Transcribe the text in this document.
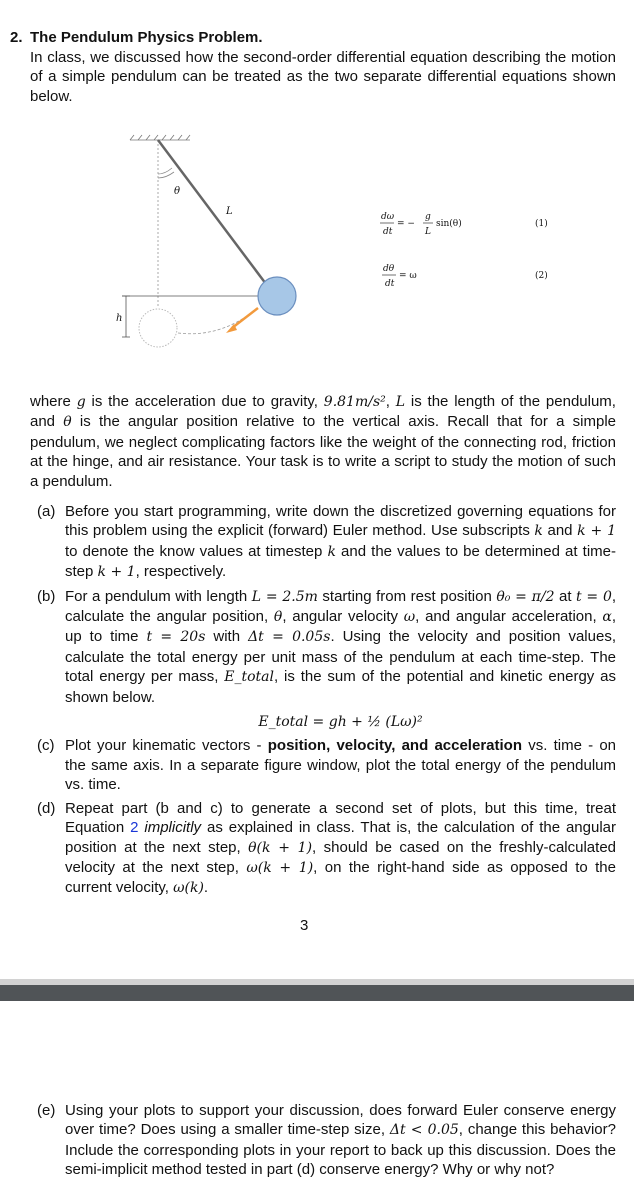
2. The Pendulum Physics Problem.
In class, we discussed how the second-order differential equation describing the motion of a simple pendulum can be treated as the two separate differential equations shown below.
θ
L
h
dω
dt
= −
g
L
sin(θ)	(1)
dθ
dt
= ω	(2)
where g is the acceleration due to gravity, 9.81m/s², L is the length of the pendulum, and θ is the angular position relative to the vertical axis. Recall that for a simple pendulum, we neglect complicating factors like the weight of the connecting rod, friction at the hinge, and air resistance. Your task is to write a script to study the motion of such a pendulum.
(a) Before you start programming, write down the discretized governing equations for this problem using the explicit (forward) Euler method. Use subscripts k and k + 1 to denote the know values at timestep k and the values to be determined at time-step k + 1, respectively.
(b) For a pendulum with length L = 2.5m starting from rest position θ₀ = π/2 at t = 0, calculate the angular position, θ, angular velocity ω, and angular acceleration, α, up to time t = 20s with Δt = 0.05s. Using the velocity and position values, calculate the total energy per unit mass of the pendulum at each time-step. The total energy per mass, E_total, is the sum of the potential and kinetic energy as shown below.
E_total = gh + ½ (Lω)²
(c) Plot your kinematic vectors - position, velocity, and acceleration vs. time - on the same axis. In a separate figure window, plot the total energy of the pendulum vs. time.
(d) Repeat part (b and c) to generate a second set of plots, but this time, treat Equation 2 implicitly as explained in class. That is, the calculation of the angular position at the next step, θ(k + 1), should be cased on the freshly-calculated velocity at the next step, ω(k + 1), on the right-hand side as opposed to the current velocity, ω(k).
3
(e) Using your plots to support your discussion, does forward Euler conserve energy over time? Does using a smaller time-step size, Δt < 0.05, change this behavior? Include the corresponding plots in your report to back up this discussion. Does the semi-implicit method tested in part (d) conserve energy? Why or why not?
